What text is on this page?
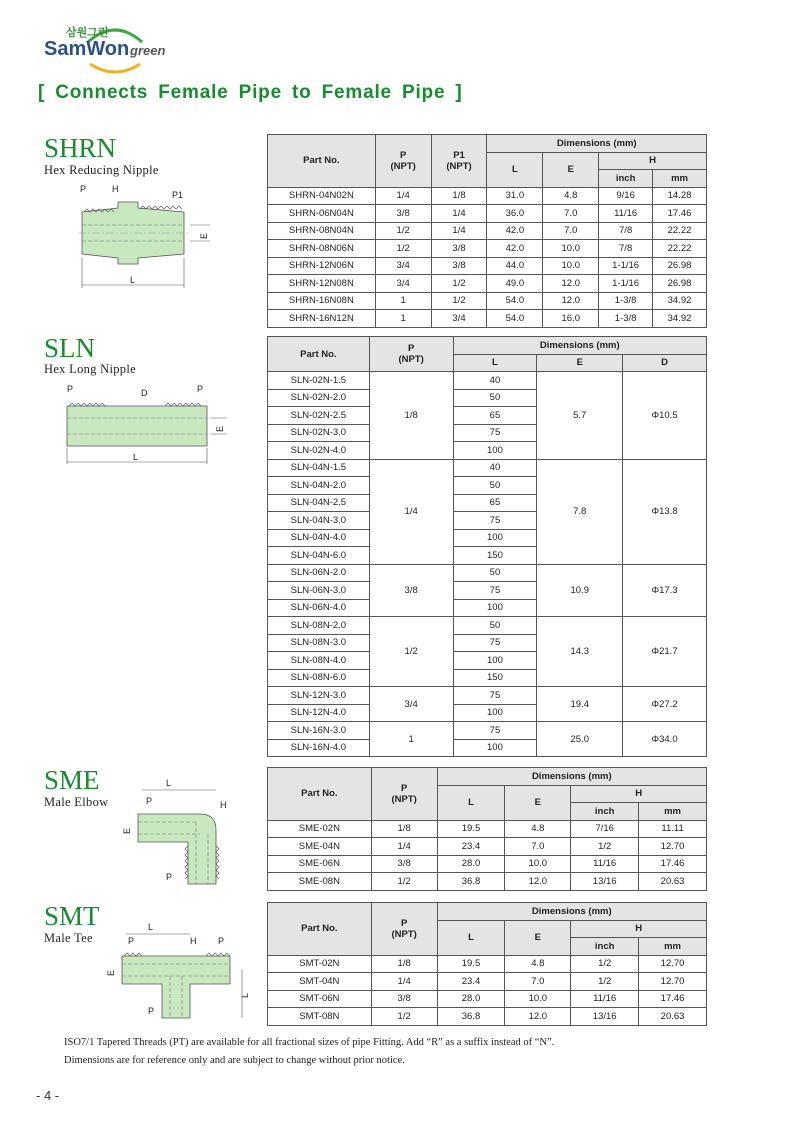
삼원그린
SamWon green
[ Connects Female Pipe to Female Pipe ]
SHRN
Hex Reducing Nipple
P	H
P1
E
L
Part No.	P
(NPT)	P1
(NPT)	Dimensions (mm)			
			L	E	H	
					inch	mm
SHRN-04N02N	1/4	1/8	31.0	4.8	9/16	14.28
SHRN-06N04N	3/8	1/4	36.0	7.0	11/16	17.46
SHRN-08N04N	1/2	1/4	42.0	7.0	7/8	22.22
SHRN-08N06N	1/2	3/8	42.0	10.0	7/8	22.22
SHRN-12N06N	3/4	3/8	44.0	10.0	1-1/16	26.98
SHRN-12N08N	3/4	1/2	49.0	12.0	1-1/16	26.98
SHRN-16N08N	1	1/2	54.0	12.0	1-3/8	34.92
SHRN-16N12N	1	3/4	54.0	16.0	1-3/8	34.92
SLN
Hex Long Nipple
P	D	P
E
L
Part No.	P
(NPT)	Dimensions (mm)		
		L	E	D
SLN-02N-1.5	1/8	40	5.7	Φ10.5
SLN-02N-2.0		50		
SLN-02N-2.5		65		
SLN-02N-3.0		75		
SLN-02N-4.0		100		
SLN-04N-1.5	1/4	40	7.8	Φ13.8
SLN-04N-2.0		50		
SLN-04N-2.5		65		
SLN-04N-3.0		75		
SLN-04N-4.0		100		
SLN-04N-6.0		150		
SLN-06N-2.0	3/8	50	10.9	Φ17.3
SLN-06N-3.0		75		
SLN-06N-4.0		100		
SLN-08N-2.0	1/2	50	14.3	Φ21.7
SLN-08N-3.0		75		
SLN-08N-4.0		100		
SLN-08N-6.0		150		
SLN-12N-3.0	3/4	75	19.4	Φ27.2
SLN-12N-4.0		100		
SLN-16N-3.0	1	75	25.0	Φ34.0
SLN-16N-4.0		100		
SME
Male Elbow
L
P	H
E
P
Part No.	P
(NPT)	Dimensions (mm)			
		L	E	H	
				inch	mm
SME-02N	1/8	19.5	4.8	7/16	11.11
SME-04N	1/4	23.4	7.0	1/2	12.70
SME-06N	3/8	28.0	10.0	11/16	17.46
SME-08N	1/2	36.8	12.0	13/16	20.63
SMT
Male Tee
L
P	H P
E
L
P
Part No.	P
(NPT)	Dimensions (mm)			
		L	E	H	
				inch	mm
SMT-02N	1/8	19.5	4.8	1/2	12.70
SMT-04N	1/4	23.4	7.0	1/2	12.70
SMT-06N	3/8	28.0	10.0	11/16	17.46
SMT-08N	1/2	36.8	12.0	13/16	20.63
ISO7/1 Tapered Threads (PT) are available for all fractional sizes of pipe Fitting. Add “R” as a suffix instead of “N”.
Dimensions are for reference only and are subject to change without prior notice.
- 4 -
